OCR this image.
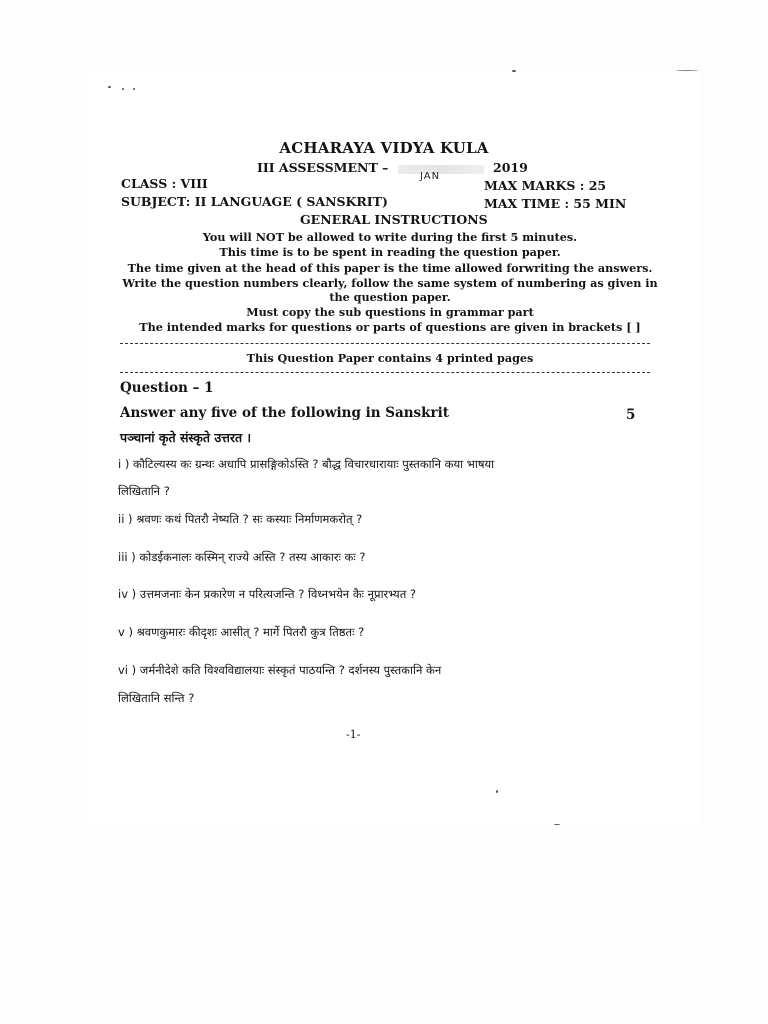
ACHARAYA VIDYA KULA
III ASSESSMENT –	2019
JAN
CLASS : VIII	MAX MARKS : 25
SUBJECT: II LANGUAGE ( SANSKRIT)	MAX TIME : 55 MIN
GENERAL INSTRUCTIONS
You will NOT be allowed to write during the first 5 minutes.
This time is to be spent in reading the question paper.
The time given at the head of this paper is the time allowed forwriting the answers.
Write the question numbers clearly, follow the same system of numbering as given in
the question paper.
Must copy the sub questions in grammar part
The intended marks for questions or parts of questions are given in brackets [ ]
This Question Paper contains 4 printed pages
Question – 1
Answer any five of the following in Sanskrit	5
पञ्चानां कृते संस्कृते उत्तरत ।
i ) कौटिल्यस्य कः ग्रन्थः अधापि प्रासङ्गिकोऽस्ति ? बौद्ध विचारधारायाः पुस्तकानि कया भाषया
लिखितानि ?
ii ) श्रवणः कथं पितरौ नेष्यति ? सः कस्याः निर्माणमकरोत् ?
iii ) कोडईकनालः कस्मिन् राज्ये अस्ति ? तस्य आकारः कः ?
iv ) उत्तमजनाः केन प्रकारेण न परित्यजन्ति ? विध्नभयेन कैः नूप्रारभ्यत ?
v ) श्रवणकुमारः कीदृशः आसीत् ? मार्गे पितरौ कुत्र तिष्ठतः ?
vi ) जर्मनीदेशे कति विश्वविद्यालयाः संस्कृतं पाठयन्ति ? दर्शनस्य पुस्तकानि केन
लिखितानि सन्ति ?
-1-
